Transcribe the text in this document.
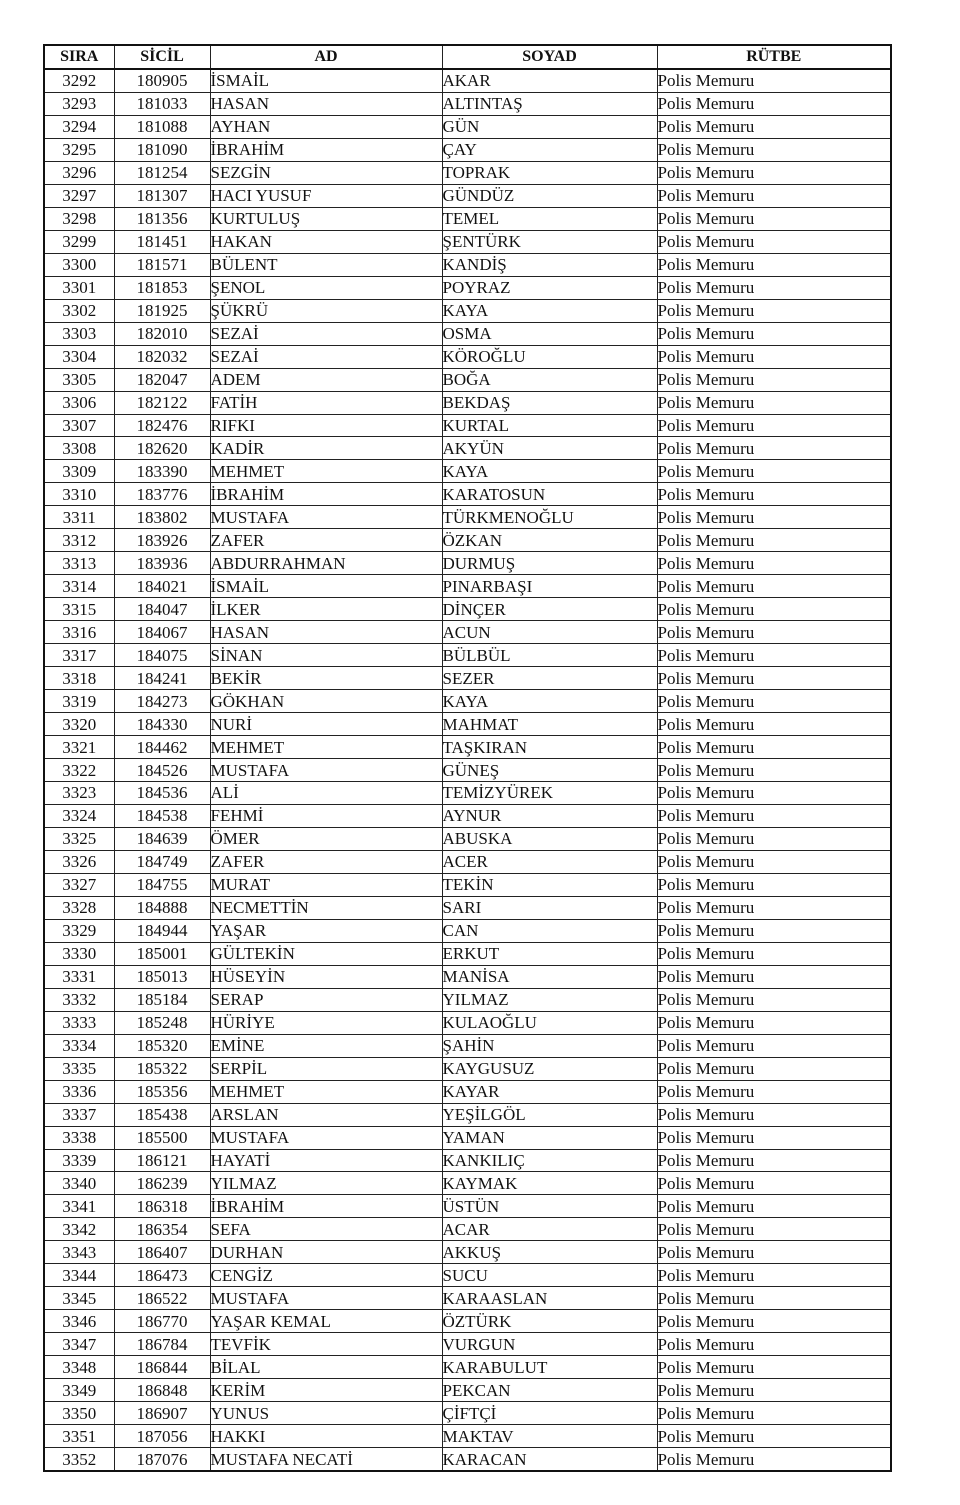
SIRA	SİCİL	AD	SOYAD	RÜTBE
3292	180905	İSMAİL	AKAR	Polis Memuru
3293	181033	HASAN	ALTINTAŞ	Polis Memuru
3294	181088	AYHAN	GÜN	Polis Memuru
3295	181090	İBRAHİM	ÇAY	Polis Memuru
3296	181254	SEZGİN	TOPRAK	Polis Memuru
3297	181307	HACI YUSUF	GÜNDÜZ	Polis Memuru
3298	181356	KURTULUŞ	TEMEL	Polis Memuru
3299	181451	HAKAN	ŞENTÜRK	Polis Memuru
3300	181571	BÜLENT	KANDİŞ	Polis Memuru
3301	181853	ŞENOL	POYRAZ	Polis Memuru
3302	181925	ŞÜKRÜ	KAYA	Polis Memuru
3303	182010	SEZAİ	OSMA	Polis Memuru
3304	182032	SEZAİ	KÖROĞLU	Polis Memuru
3305	182047	ADEM	BOĞA	Polis Memuru
3306	182122	FATİH	BEKDAŞ	Polis Memuru
3307	182476	RIFKI	KURTAL	Polis Memuru
3308	182620	KADİR	AKYÜN	Polis Memuru
3309	183390	MEHMET	KAYA	Polis Memuru
3310	183776	İBRAHİM	KARATOSUN	Polis Memuru
3311	183802	MUSTAFA	TÜRKMENOĞLU	Polis Memuru
3312	183926	ZAFER	ÖZKAN	Polis Memuru
3313	183936	ABDURRAHMAN	DURMUŞ	Polis Memuru
3314	184021	İSMAİL	PINARBAŞI	Polis Memuru
3315	184047	İLKER	DİNÇER	Polis Memuru
3316	184067	HASAN	ACUN	Polis Memuru
3317	184075	SİNAN	BÜLBÜL	Polis Memuru
3318	184241	BEKİR	SEZER	Polis Memuru
3319	184273	GÖKHAN	KAYA	Polis Memuru
3320	184330	NURİ	MAHMAT	Polis Memuru
3321	184462	MEHMET	TAŞKIRAN	Polis Memuru
3322	184526	MUSTAFA	GÜNEŞ	Polis Memuru
3323	184536	ALİ	TEMİZYÜREK	Polis Memuru
3324	184538	FEHMİ	AYNUR	Polis Memuru
3325	184639	ÖMER	ABUSKA	Polis Memuru
3326	184749	ZAFER	ACER	Polis Memuru
3327	184755	MURAT	TEKİN	Polis Memuru
3328	184888	NECMETTİN	SARI	Polis Memuru
3329	184944	YAŞAR	CAN	Polis Memuru
3330	185001	GÜLTEKİN	ERKUT	Polis Memuru
3331	185013	HÜSEYİN	MANİSA	Polis Memuru
3332	185184	SERAP	YILMAZ	Polis Memuru
3333	185248	HÜRİYE	KULAOĞLU	Polis Memuru
3334	185320	EMİNE	ŞAHİN	Polis Memuru
3335	185322	SERPİL	KAYGUSUZ	Polis Memuru
3336	185356	MEHMET	KAYAR	Polis Memuru
3337	185438	ARSLAN	YEŞİLGÖL	Polis Memuru
3338	185500	MUSTAFA	YAMAN	Polis Memuru
3339	186121	HAYATİ	KANKILIÇ	Polis Memuru
3340	186239	YILMAZ	KAYMAK	Polis Memuru
3341	186318	İBRAHİM	ÜSTÜN	Polis Memuru
3342	186354	SEFA	ACAR	Polis Memuru
3343	186407	DURHAN	AKKUŞ	Polis Memuru
3344	186473	CENGİZ	SUCU	Polis Memuru
3345	186522	MUSTAFA	KARAASLAN	Polis Memuru
3346	186770	YAŞAR KEMAL	ÖZTÜRK	Polis Memuru
3347	186784	TEVFİK	VURGUN	Polis Memuru
3348	186844	BİLAL	KARABULUT	Polis Memuru
3349	186848	KERİM	PEKCAN	Polis Memuru
3350	186907	YUNUS	ÇİFTÇİ	Polis Memuru
3351	187056	HAKKI	MAKTAV	Polis Memuru
3352	187076	MUSTAFA NECATİ	KARACAN	Polis Memuru
